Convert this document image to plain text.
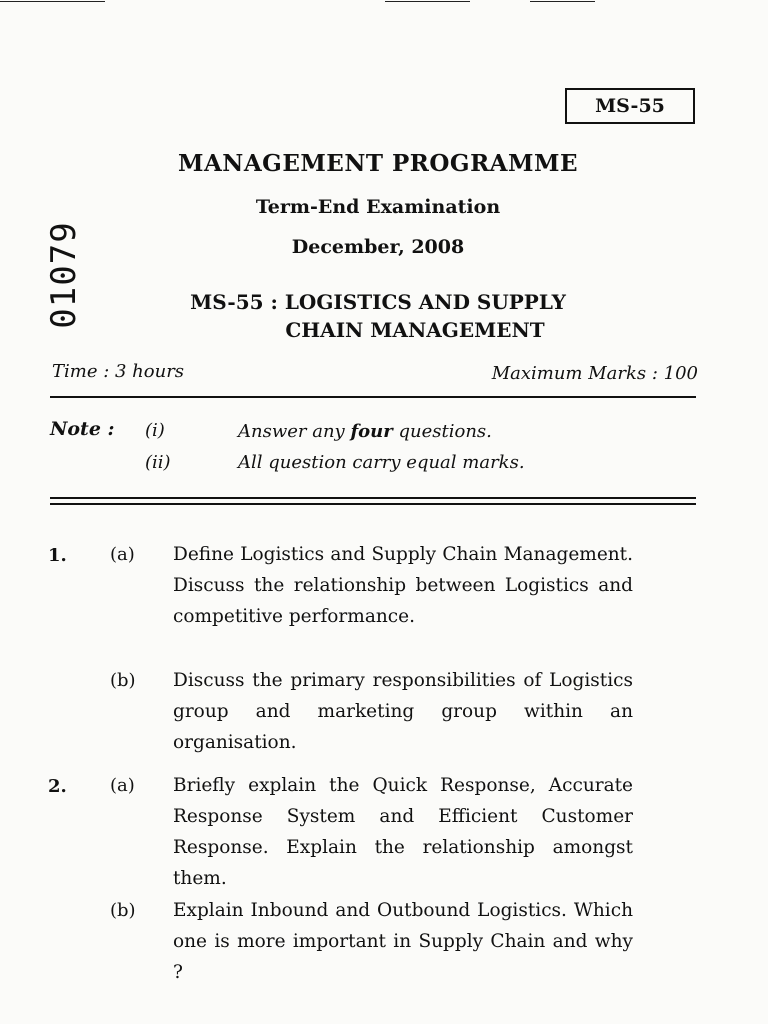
MS-55
01079
MANAGEMENT PROGRAMME
Term-End Examination
December, 2008
MS-55 : LOGISTICS AND SUPPLY
CHAIN MANAGEMENT
Time : 3 hours	Maximum Marks : 100
Note : (i)	Answer any four questions.
(ii)	All question carry equal marks.
1. (a) Define Logistics and Supply Chain Management. Discuss the relationship between Logistics and competitive performance.
(b) Discuss the primary responsibilities of Logistics group and marketing group within an organisation.
2. (a) Briefly explain the Quick Response, Accurate Response System and Efficient Customer Response. Explain the relationship amongst them.
(b) Explain Inbound and Outbound Logistics. Which one is more important in Supply Chain and why ?
